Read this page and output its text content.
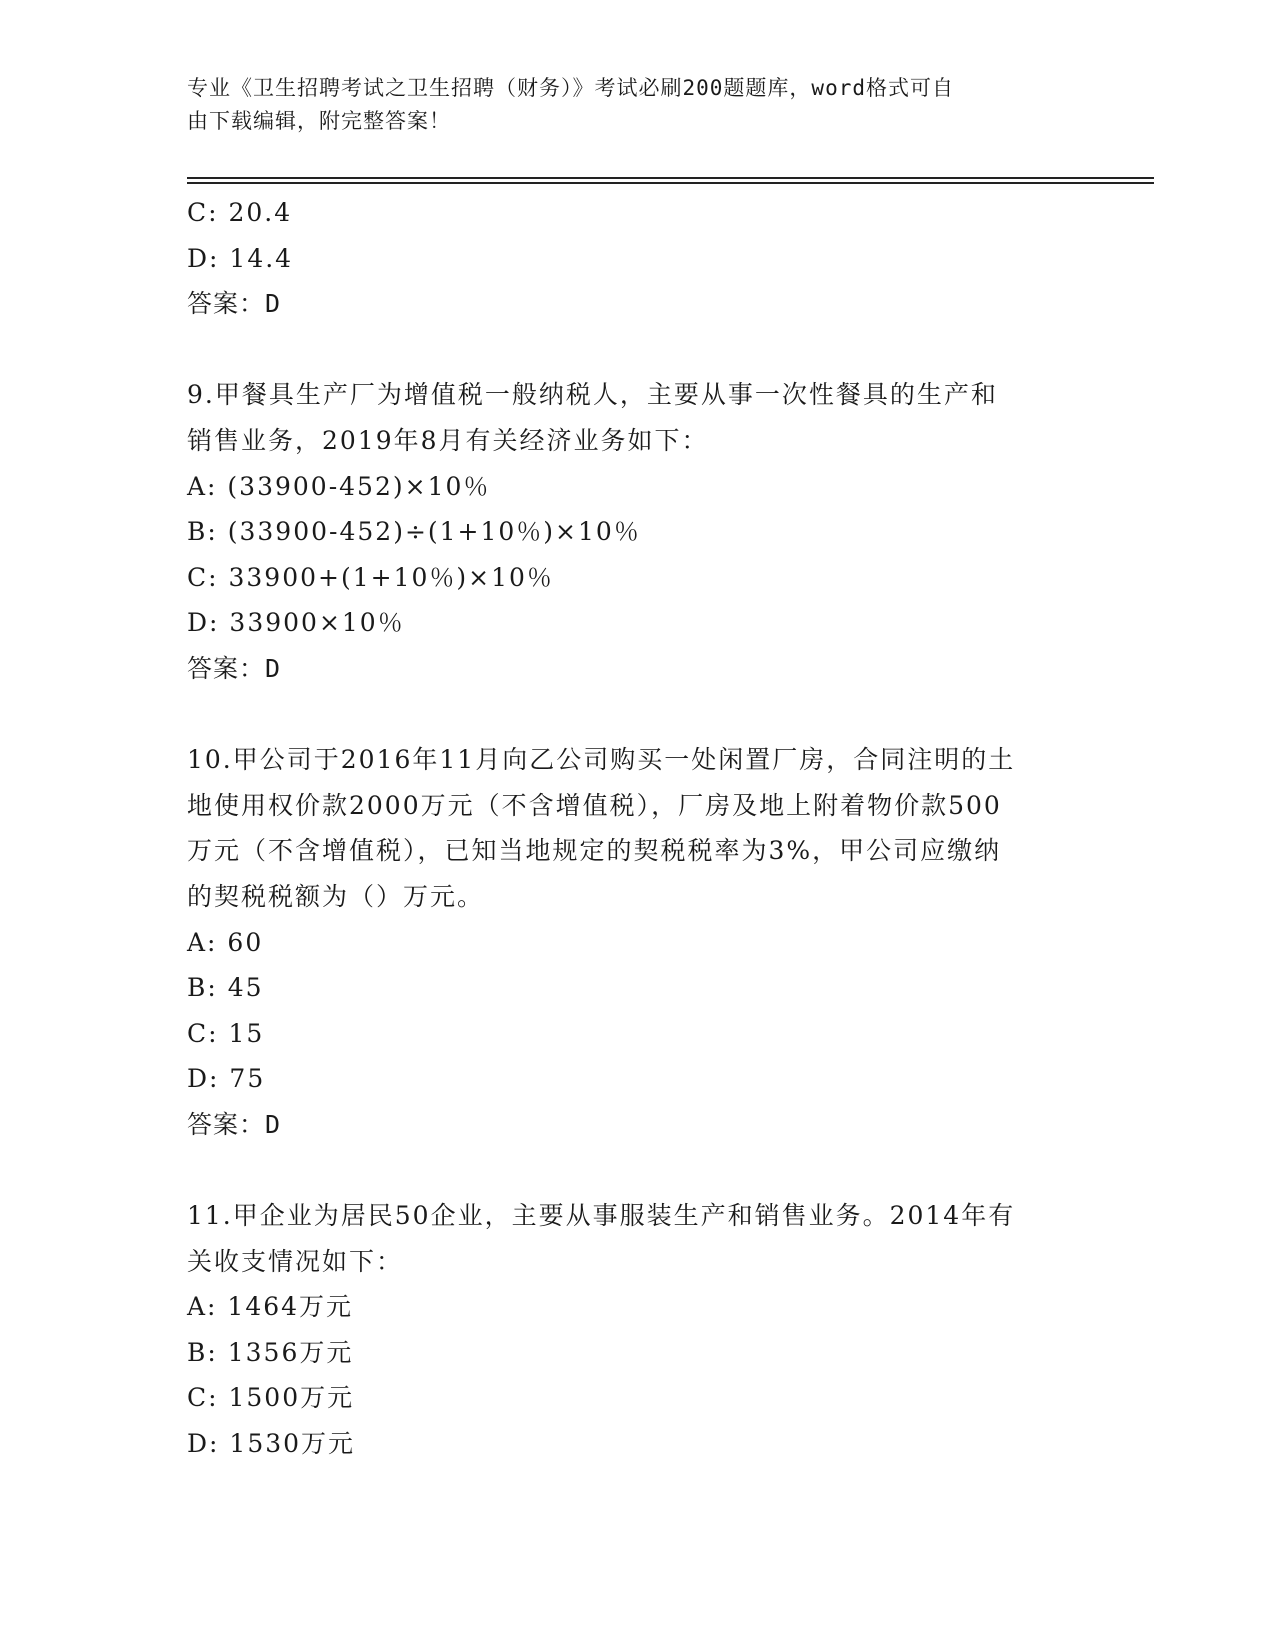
专业《卫生招聘考试之卫生招聘（财务）》考试必刷200题题库，word格式可自
由下载编辑，附完整答案！
C: 20.4
D: 14.4
答案：D
9.甲餐具生产厂为增值税一般纳税人，主要从事一次性餐具的生产和
销售业务，2019年8月有关经济业务如下：
A: (33900-452)×10％
B: (33900-452)÷(1+10％)×10％
C: 33900+(1+10％)×10％
D: 33900×10％
答案：D
10.甲公司于2016年11月向乙公司购买一处闲置厂房，合同注明的土
地使用权价款2000万元（不含增值税），厂房及地上附着物价款500
万元（不含增值税），已知当地规定的契税税率为3%，甲公司应缴纳
的契税税额为（）万元。
A: 60
B: 45
C: 15
D: 75
答案：D
11.甲企业为居民50企业，主要从事服装生产和销售业务。2014年有
关收支情况如下：
A: 1464万元
B: 1356万元
C: 1500万元
D: 1530万元
